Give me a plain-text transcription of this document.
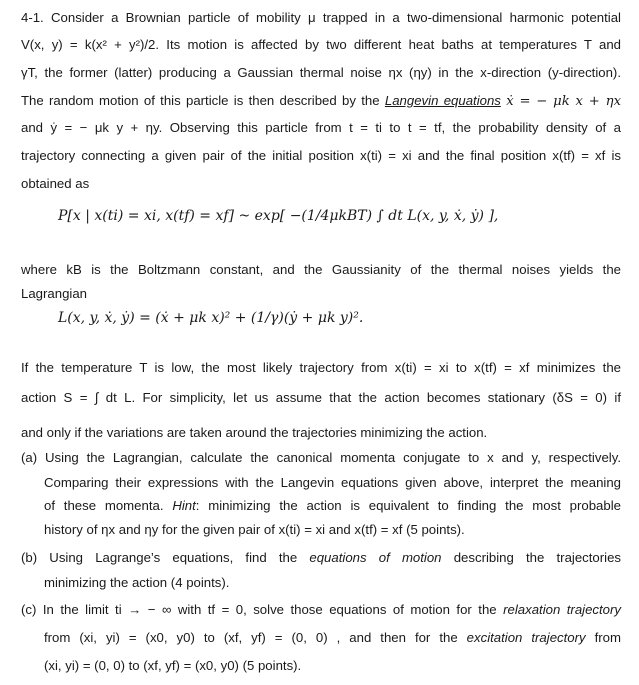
4-1. Consider a Brownian particle of mobility μ trapped in a two-dimensional harmonic potential
V(x, y) = k(x² + y²)/2. Its motion is affected by two different heat baths at temperatures T and
γT, the former (latter) producing a Gaussian thermal noise ηx (ηy) in the x-direction (y-direction).
The random motion of this particle is then described by the Langevin equations ẋ = − μk x + ηx
and ẏ = − μk y + ηy. Observing this particle from t = ti to t = tf, the probability density of a
trajectory connecting a given pair of the initial position x(ti) = xi and the final position x(tf) = xf is
obtained as
P[x | x(ti) = xi, x(tf) = xf] ~ exp[ −(1/4μkBT) ∫ dt L(x, y, ẋ, ẏ) ],
where kB is the Boltzmann constant, and the Gaussianity of the thermal noises yields the
Lagrangian
L(x, y, ẋ, ẏ) = (ẋ + μk x)² + (1/γ)(ẏ + μk y)².
If the temperature T is low, the most likely trajectory from x(ti) = xi to x(tf) = xf minimizes the
action S = ∫ dt L. For simplicity, let us assume that the action becomes stationary (δS = 0) if
and only if the variations are taken around the trajectories minimizing the action.
(a) Using the Lagrangian, calculate the canonical momenta conjugate to x and y, respectively.
Comparing their expressions with the Langevin equations given above, interpret the meaning
of these momenta. Hint: minimizing the action is equivalent to finding the most probable
history of ηx and ηy for the given pair of x(ti) = xi and x(tf) = xf (5 points).
(b) Using Lagrange’s equations, find the equations of motion describing the trajectories
minimizing the action (4 points).
(c) In the limit ti → − ∞ with tf = 0, solve those equations of motion for the relaxation trajectory
from (xi, yi) = (x0, y0) to (xf, yf) = (0, 0) , and then for the excitation trajectory from
(xi, yi) = (0, 0) to (xf, yf) = (x0, y0) (5 points).
